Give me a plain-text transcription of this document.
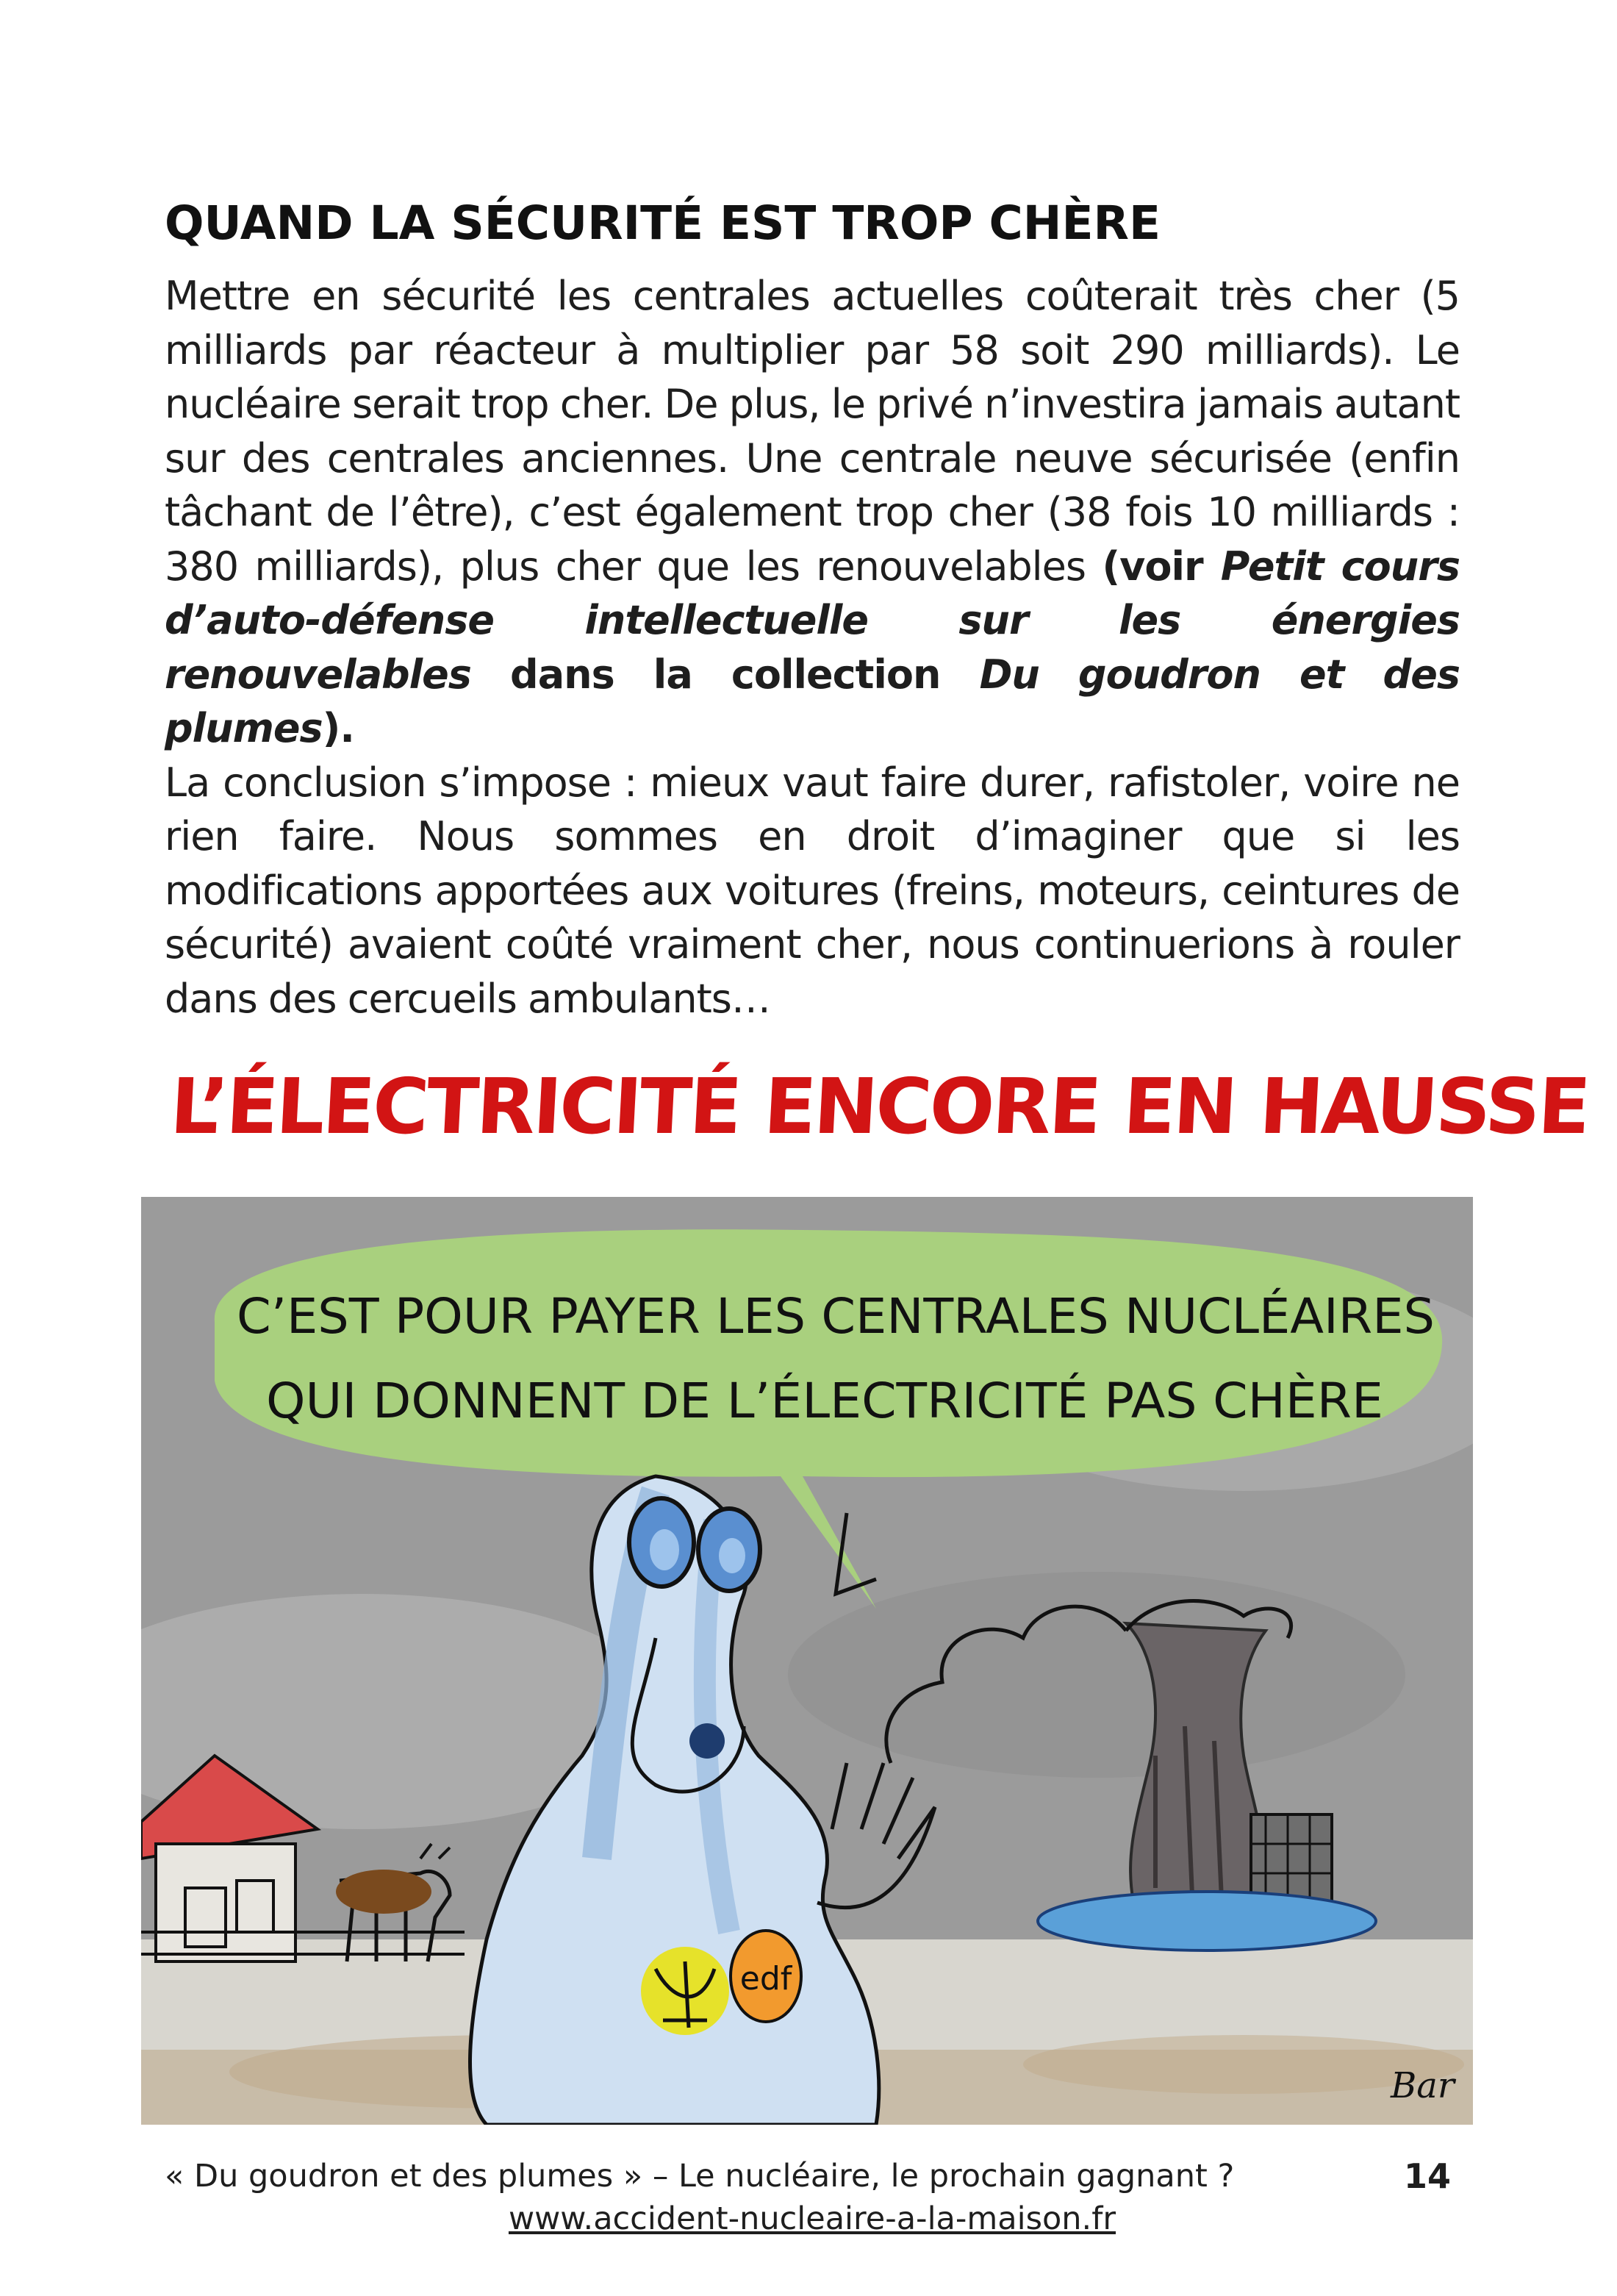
QUAND LA SÉCURITÉ EST TROP CHÈRE

Mettre en sécurité les centrales actuelles coûterait très cher (5 milliards par réacteur à multiplier par 58 soit 290 milliards). Le nucléaire serait trop cher. De plus, le privé n’investira jamais autant sur des centrales anciennes. Une centrale neuve sécurisée (enfin tâchant de l’être), c’est également trop cher (38 fois 10 milliards : 380 milliards), plus cher que les renouvelables (voir Petit cours d’auto-défense intellectuelle sur les énergies renouvelables dans la collection Du goudron et des plumes).

La conclusion s’impose : mieux vaut faire durer, rafistoler, voire ne rien faire. Nous sommes en droit d’imaginer que si les modifications apportées aux voitures (freins, moteurs, ceintures de sécurité) avaient coûté vraiment cher, nous continuerions à rouler dans des cercueils ambulants…

L’ÉLECTRICITÉ ENCORE EN HAUSSE
edf
C’EST POUR PAYER LES CENTRALES NUCLÉAIRES
QUI DONNENT DE L’ÉLECTRICITÉ PAS CHÈRE
Bar
« Du goudron et des plumes » – Le nucléaire, le prochain gagnant ?	14
www.accident-nucleaire-a-la-maison.fr
